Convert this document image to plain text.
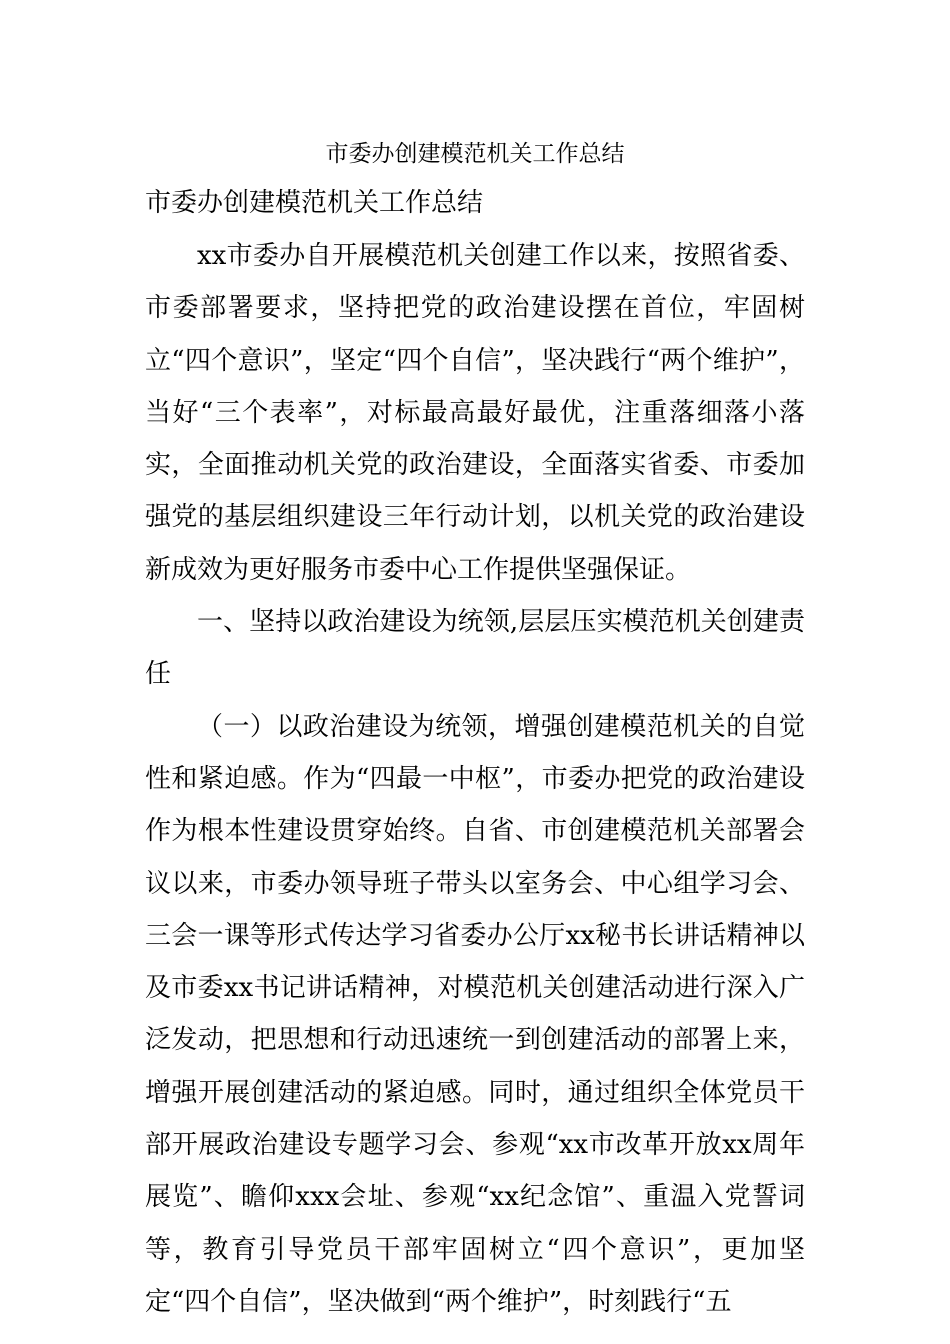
市委办创建模范机关工作总结
市委办创建模范机关工作总结

xx市委办自开展模范机关创建工作以来，按照省委、市委部署要求，坚持把党的政治建设摆在首位，牢固树立“四个意识”，坚定“四个自信”，坚决践行“两个维护”，当好“三个表率”，对标最高最好最优，注重落细落小落实，全面推动机关党的政治建设，全面落实省委、市委加强党的基层组织建设三年行动计划，以机关党的政治建设新成效为更好服务市委中心工作提供坚强保证。

一、坚持以政治建设为统领,层层压实模范机关创建责任

（一）以政治建设为统领，增强创建模范机关的自觉性和紧迫感。作为“四最一中枢”，市委办把党的政治建设作为根本性建设贯穿始终。自省、市创建模范机关部署会议以来，市委办领导班子带头以室务会、中心组学习会、三会一课等形式传达学习省委办公厅xx秘书长讲话精神以及市委xx书记讲话精神，对模范机关创建活动进行深入广泛发动，把思想和行动迅速统一到创建活动的部署上来，增强开展创建活动的紧迫感。同时，通过组织全体党员干部开展政治建设专题学习会、参观“xx市改革开放xx周年展览”、瞻仰xxx会址、参观“xx纪念馆”、重温入党誓词等，教育引导党员干部牢固树立“四个意识”，更加坚定“四个自信”，坚决做到“两个维护”，时刻践行“五
